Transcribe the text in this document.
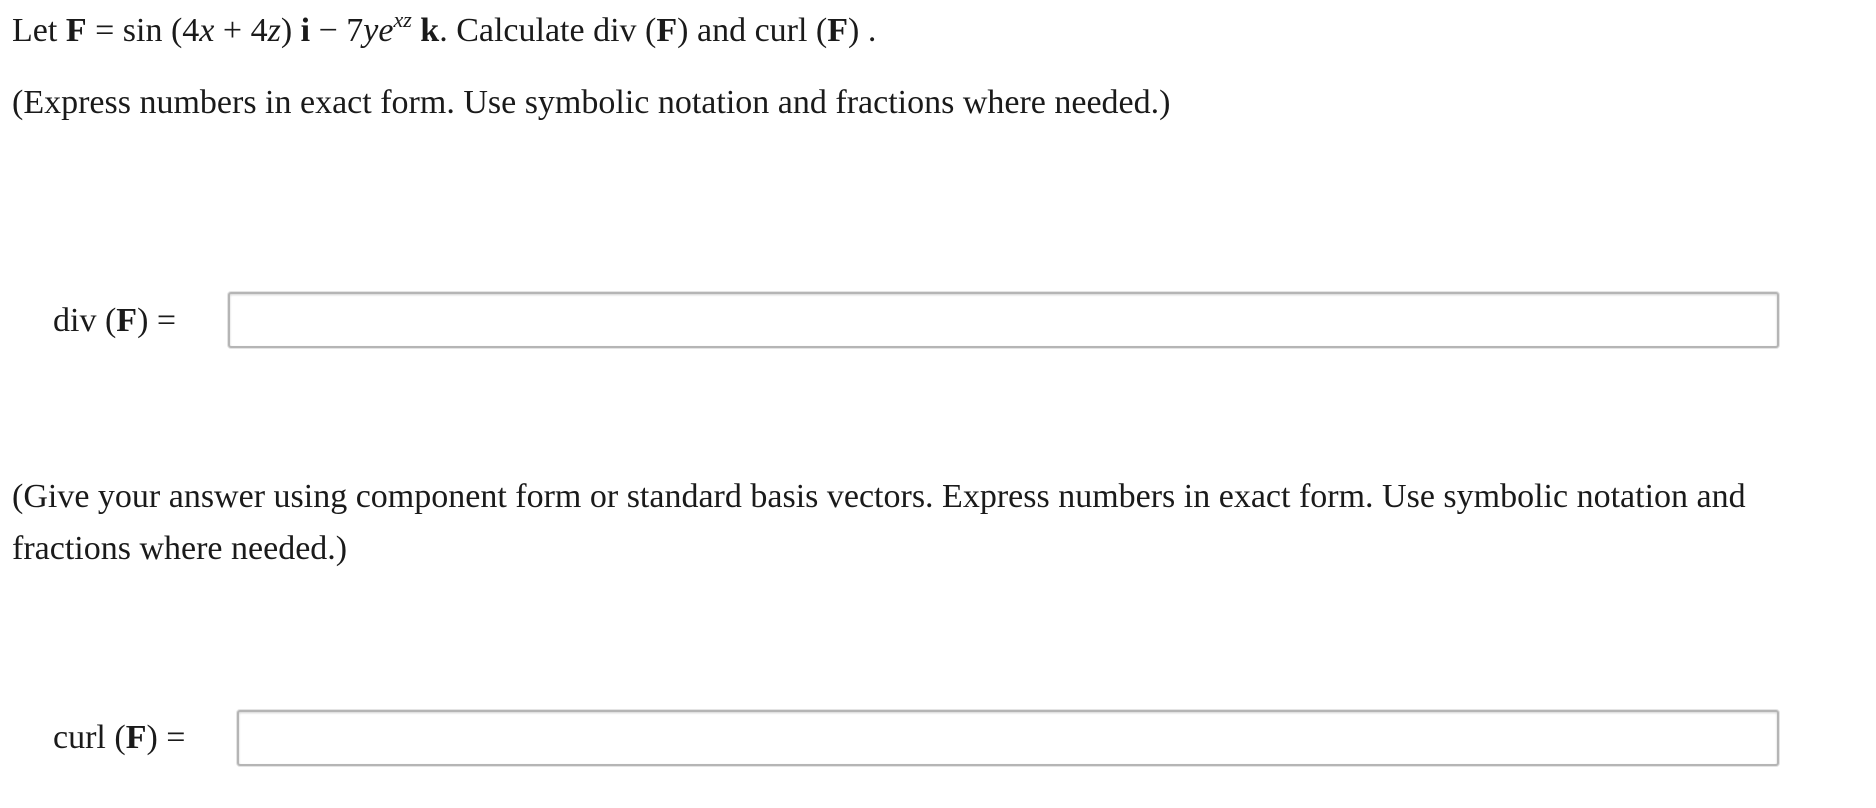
Let F = sin (4x + 4z) $i - 7ye^{xz}$ k. Calculate div (F) and curl (F) .
(Express numbers in exact form. Use symbolic notation and fractions where needed.)
div (F) =
(Give your answer using component form or standard basis vectors. Express numbers in exact form. Use symbolic notation and
fractions where needed.)
curl (F) =
